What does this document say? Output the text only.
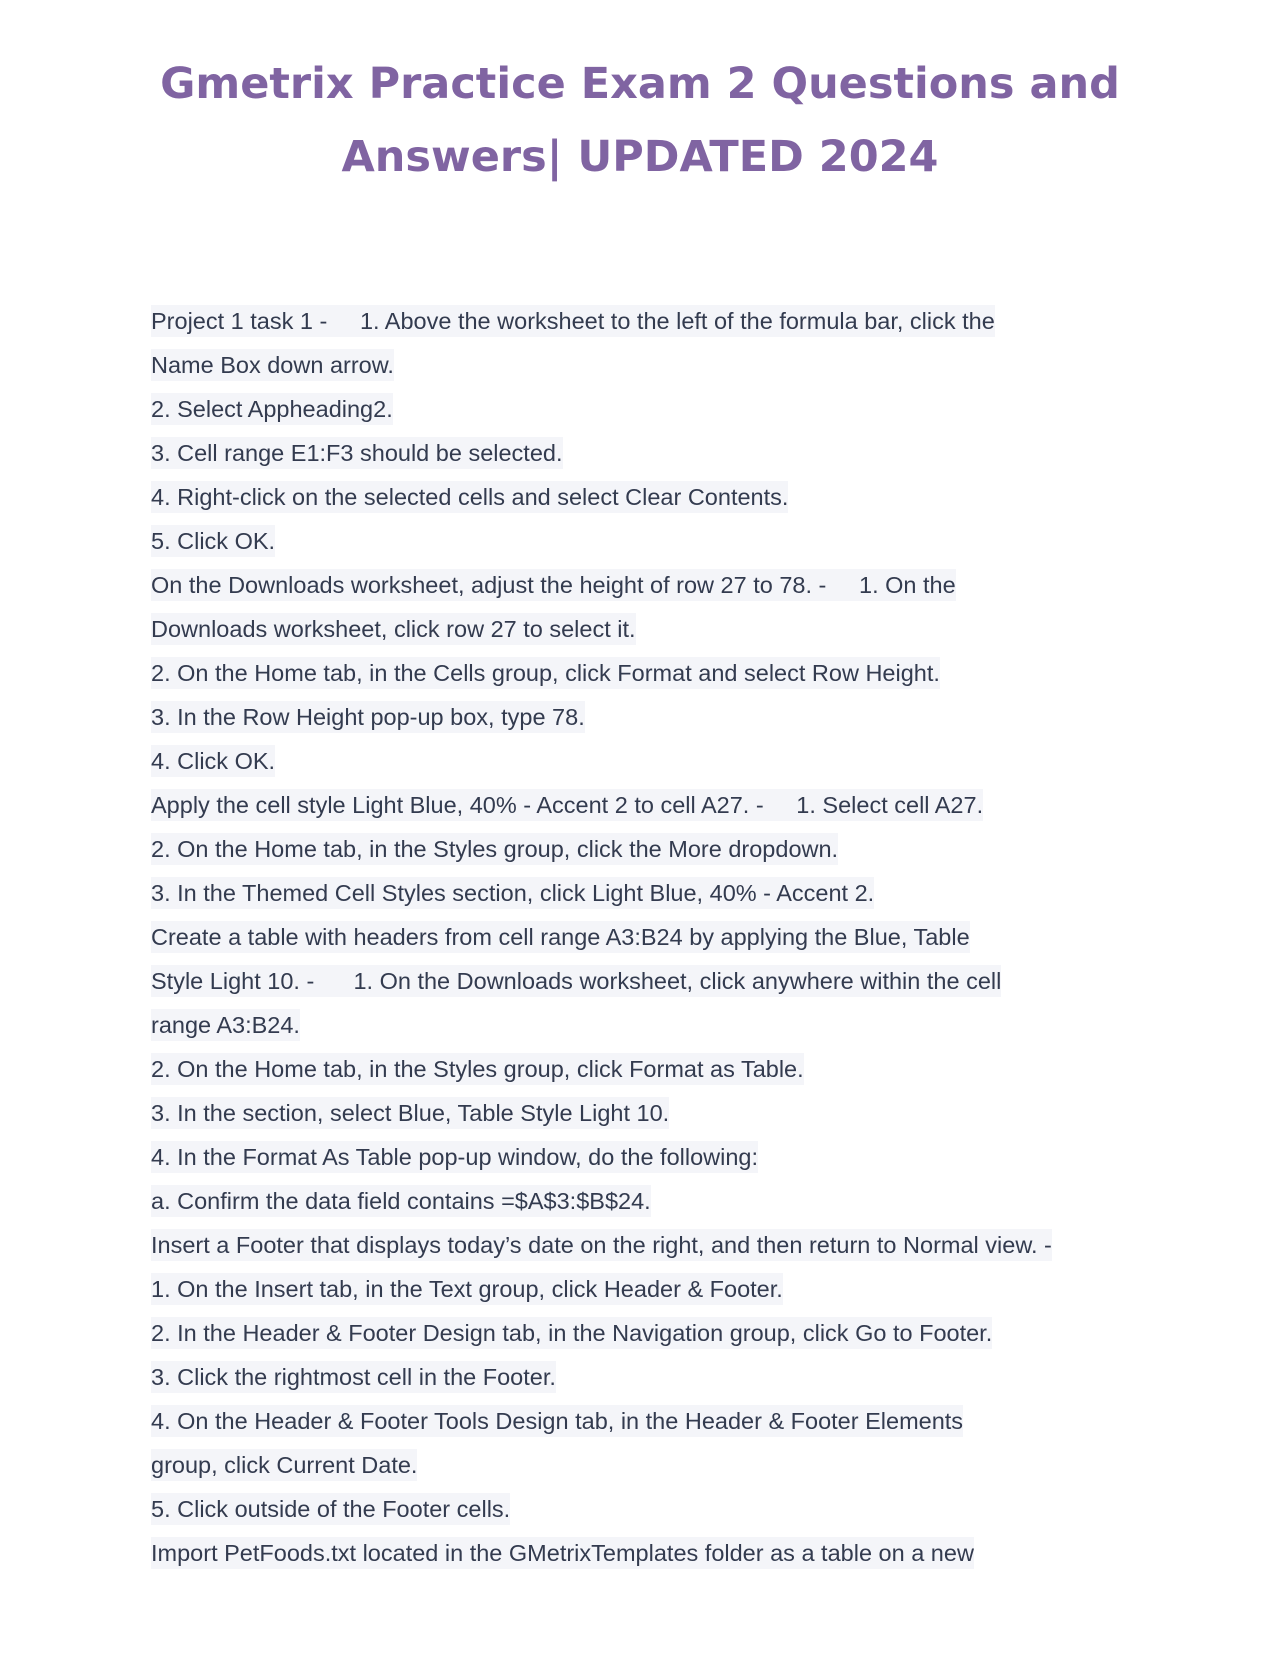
Gmetrix Practice Exam 2 Questions and
Answers| UPDATED 2024
Project 1 task 1 -     1. Above the worksheet to the left of the formula bar, click the
Name Box down arrow.
2. Select Appheading2.
3. Cell range E1:F3 should be selected.
4. Right-click on the selected cells and select Clear Contents.
5. Click OK.
On the Downloads worksheet, adjust the height of row 27 to 78. -     1. On the
Downloads worksheet, click row 27 to select it.
2. On the Home tab, in the Cells group, click Format and select Row Height.
3. In the Row Height pop-up box, type 78.
4. Click OK.
Apply the cell style Light Blue, 40% - Accent 2 to cell A27. -     1. Select cell A27.
2. On the Home tab, in the Styles group, click the More dropdown.
3. In the Themed Cell Styles section, click Light Blue, 40% - Accent 2.
Create a table with headers from cell range A3:B24 by applying the Blue, Table
Style Light 10. -      1. On the Downloads worksheet, click anywhere within the cell
range A3:B24.
2. On the Home tab, in the Styles group, click Format as Table.
3. In the section, select Blue, Table Style Light 10.
4. In the Format As Table pop-up window, do the following:
a. Confirm the data field contains =$A$3:$B$24.
Insert a Footer that displays today’s date on the right, and then return to Normal view. -
1. On the Insert tab, in the Text group, click Header & Footer.
2. In the Header & Footer Design tab, in the Navigation group, click Go to Footer.
3. Click the rightmost cell in the Footer.
4. On the Header & Footer Tools Design tab, in the Header & Footer Elements
group, click Current Date.
5. Click outside of the Footer cells.
Import PetFoods.txt located in the GMetrixTemplates folder as a table on a new
